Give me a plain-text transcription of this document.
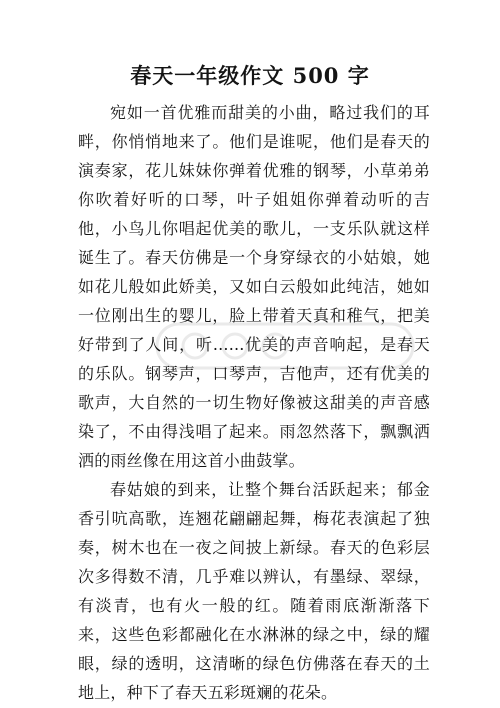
春天一年级作文 500 字

宛如一首优雅而甜美的小曲，略过我们的耳畔，你悄悄地来了。他们是谁呢，他们是春天的演奏家，花儿妹妹你弹着优雅的钢琴，小草弟弟你吹着好听的口琴，叶子姐姐你弹着动听的吉他，小鸟儿你唱起优美的歌儿，一支乐队就这样诞生了。春天仿佛是一个身穿绿衣的小姑娘，她如花儿般如此娇美，又如白云般如此纯洁，她如一位刚出生的婴儿，脸上带着天真和稚气，把美好带到了人间，听......优美的声音响起，是春天的乐队。钢琴声，口琴声，吉他声，还有优美的歌声，大自然的一切生物好像被这甜美的声音感染了，不由得浅唱了起来。雨忽然落下，飘飘洒洒的雨丝像在用这首小曲鼓掌。

春姑娘的到来，让整个舞台活跃起来；郁金香引吭高歌，连翘花翩翩起舞，梅花表演起了独奏，树木也在一夜之间披上新绿。春天的色彩层次多得数不清，几乎难以辨认，有墨绿、翠绿，有淡青，也有火一般的红。随着雨底渐渐落下来，这些色彩都融化在水淋淋的绿之中，绿的耀眼，绿的透明，这清晰的绿色仿佛落在春天的土地上，种下了春天五彩斑斓的花朵。
